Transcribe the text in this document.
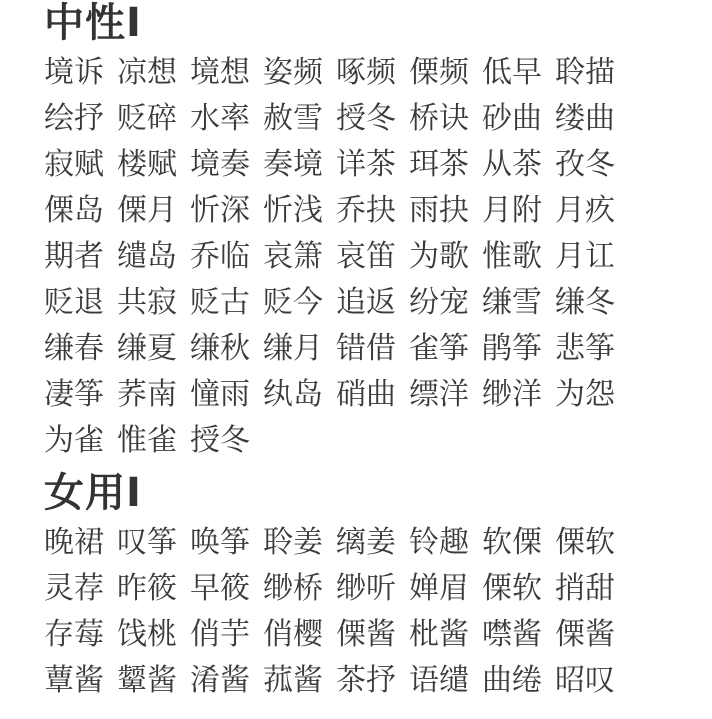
中性I
境诉 凉想 境想 姿频 啄频 傈频 低早 聆描
绘抒 贬碎 水率 赦雪 授冬 桥诀 砂曲 缕曲
寂赋 楼赋 境奏 奏境 详茶 珥茶 从茶 孜冬
傈岛 傈月 忻深 忻浅 乔抉 雨抉 月附 月疚
期者 缱岛 乔临 哀箫 哀笛 为歌 惟歌 月讧
贬退 共寂 贬古 贬今 追返 纷宠 缣雪 缣冬
缣春 缣夏 缣秋 缣月 错借 雀筝 鹃筝 悲筝
凄筝 荞南 憧雨 纨岛 硝曲 缥洋 缈洋 为怨
为雀 惟雀 授冬
女用I
晚裙 叹筝 唤筝 聆姜 缡姜 铃趣 软傈 傈软
灵荐 昨筱 早筱 缈桥 缈听 婵眉 傈软 捎甜
存莓 饯桃 俏芋 俏樱 傈酱 枇酱 噤酱 傈酱
蕈酱 颦酱 淆酱 菰酱 茶抒 语缱 曲绻 昭叹
